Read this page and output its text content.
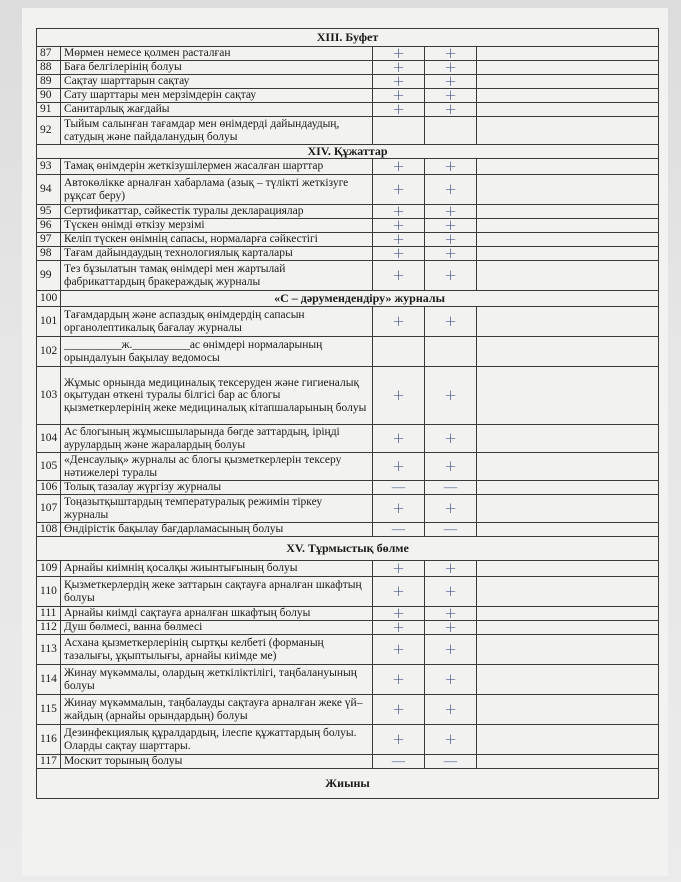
XIII. Буфет				
87	Мөрмен немесе қолмен расталған	+	+	
88	Баға белгілерінің болуы	+	+	
89	Сақтау шарттарын сақтау	+	+	
90	Сату шарттары мен мерзімдерін сақтау	+	+	
91	Санитарлық жағдайы	+	+	
92	Тыйым салынған тағамдар мен өнімдерді дайындаудың, сатудың және пайдаланудың болуы			
XIV. Құжаттар				
93	Тамақ өнімдерін жеткізушілермен жасалған шарттар	+	+	
94	Автокөлікке арналған хабарлама (азық – түлікті жеткізуге рұқсат беру)	+	+	
95	Сертификаттар, сәйкестік туралы декларациялар	+	+	
96	Түскен өнімді өткізу мерзімі	+	+	
97	Келіп түскен өнімнің сапасы, нормаларға сәйкестігі	+	+	
98	Тағам дайындаудың технологиялық карталары	+	+	
99	Тез бұзылатын тамақ өнімдері мен жартылай фабрикаттардың бракераждық журналы	+	+	
100	«С – дәрумендендіру» журналы			
101	Тағамдардың және аспаздық өнімдердің сапасын органолептикалық бағалау журналы	+	+	
102	__________ж.__________ас өнімдері нормаларының орындалуын бақылау ведомосы			
103	Жұмыс орнында медициналық тексеруден және гигиеналық оқытудан өткені туралы білгісі бар ас блогы қызметкерлерінің жеке медициналық кітапшаларының болуы	+	+	
104	Ас блогының жұмысшыларында бөгде заттардың, іріңді аурулардың және жаралардың болуы	+	+	
105	«Денсаулық» журналы ас блогы қызметкерлерін тексеру нәтижелері туралы	+	+	
106	Толық тазалау жүргізу журналы	—	—	
107	Тоңазытқыштардың температуралық режимін тіркеу журналы	+	+	
108	Өндірістік бақылау бағдарламасының болуы	—	—	
XV. Тұрмыстық бөлме				
109	Арнайы киімнің қосалқы жиынтығының болуы	+	+	
110	Қызметкерлердің жеке заттарын сақтауға арналған шкафтың болуы	+	+	
111	Арнайы киімді сақтауға арналған шкафтың болуы	+	+	
112	Душ бөлмесі, ванна бөлмесі	+	+	
113	Асхана қызметкерлерінің сыртқы келбеті (форманың тазалығы, ұқыптылығы, арнайы киімде ме)	+	+	
114	Жинау мүкәммалы, олардың жеткіліктілігі, таңбалануының болуы	+	+	
115	Жинау мүкәммалын, таңбалауды сақтауға арналған жеке үй–жайдың (арнайы орындардың) болуы	+	+	
116	Дезинфекциялық құралдардың, ілеспе құжаттардың болуы. Оларды сақтау шарттары.	+	+	
117	Москит торының болуы	—	—	
Жиыны				
